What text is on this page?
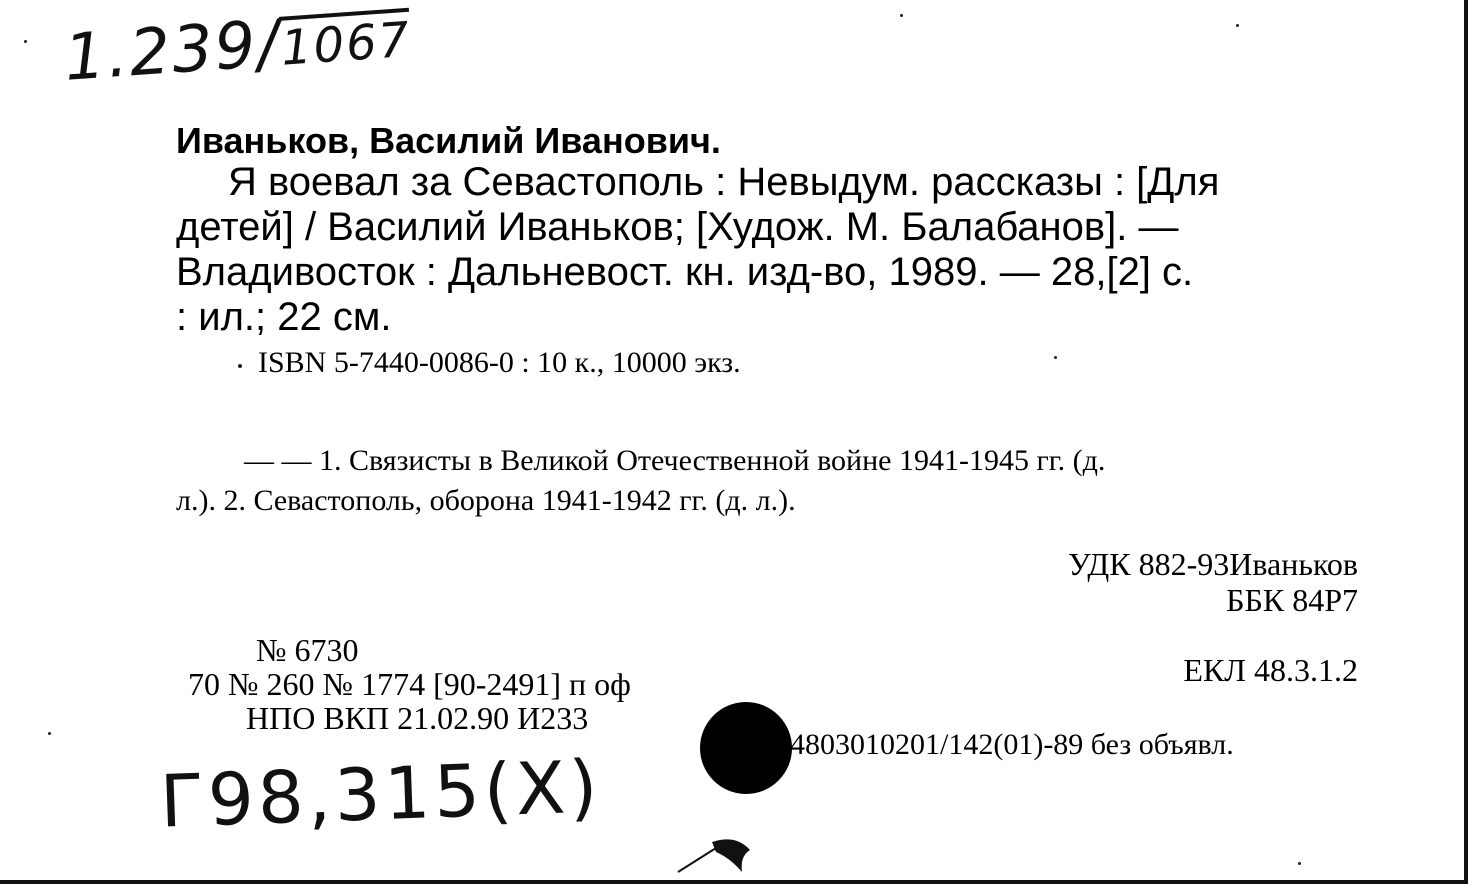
1.239/1067
Иваньков, Василий Иванович.
Я воевал за Севастополь : Невыдум. рассказы : [Для
детей] / Василий Иваньков; [Худож. М. Балабанов]. —
Владивосток : Дальневост. кн. изд-во, 1989. — 28,[2] с.
: ил.; 22 см.
ISBN 5-7440-0086-0 : 10 к., 10000 экз.
— — 1. Связисты в Великой Отечественной войне 1941-1945 гг. (д.
л.). 2. Севастополь, оборона 1941-1942 гг. (д. л.).
УДК 882-93Иваньков
ББК 84Р7
ЕКЛ 48.3.1.2
№ 6730
70 № 260 № 1774 [90-2491] п оф
НПО ВКП 21.02.90 И233
4803010201/142(01)-89 без объявл.
Г98,315(Х)
